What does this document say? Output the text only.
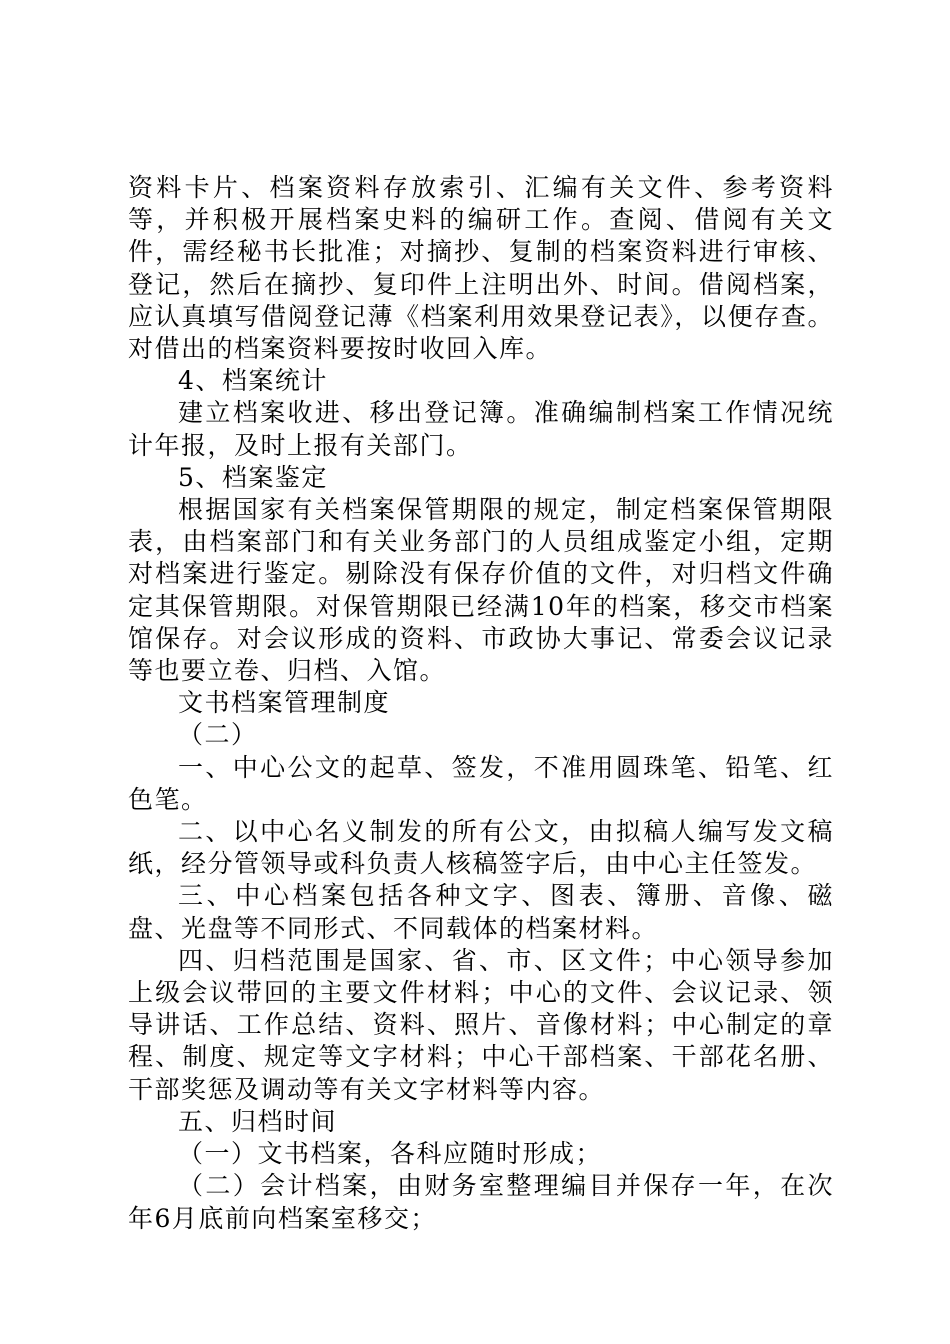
资料卡片、档案资料存放索引、汇编有关文件、参考资料等，并积极开展档案史料的编研工作。查阅、借阅有关文件，需经秘书长批准；对摘抄、复制的档案资料进行审核、登记，然后在摘抄、复印件上注明出外、时间。借阅档案，应认真填写借阅登记薄《档案利用效果登记表》，以便存查。对借出的档案资料要按时收回入库。

4、档案统计

建立档案收进、移出登记簿。准确编制档案工作情况统计年报，及时上报有关部门。

5、档案鉴定

根据国家有关档案保管期限的规定，制定档案保管期限表，由档案部门和有关业务部门的人员组成鉴定小组，定期对档案进行鉴定。剔除没有保存价值的文件，对归档文件确定其保管期限。对保管期限已经满10年的档案，移交市档案馆保存。对会议形成的资料、市政协大事记、常委会议记录等也要立卷、归档、入馆。

文书档案管理制度

（二）

一、中心公文的起草、签发，不准用圆珠笔、铅笔、红色笔。

二、以中心名义制发的所有公文，由拟稿人编写发文稿纸，经分管领导或科负责人核稿签字后，由中心主任签发。

三、中心档案包括各种文字、图表、簿册、音像、磁盘、光盘等不同形式、不同载体的档案材料。

四、归档范围是国家、省、市、区文件；中心领导参加上级会议带回的主要文件材料；中心的文件、会议记录、领导讲话、工作总结、资料、照片、音像材料；中心制定的章程、制度、规定等文字材料；中心干部档案、干部花名册、干部奖惩及调动等有关文字材料等内容。

五、归档时间

（一）文书档案，各科应随时形成；

（二）会计档案，由财务室整理编目并保存一年，在次年6月底前向档案室移交；
